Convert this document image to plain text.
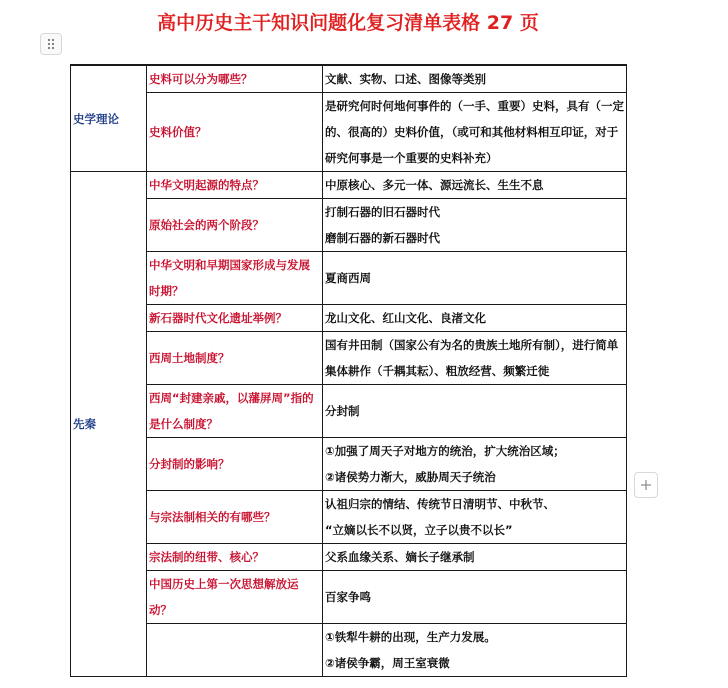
高中历史主干知识问题化复习清单表格 27 页
史学理论	史料可以分为哪些？	文献、实物、口述、图像等类别

	史料价值？	是研究何时何地何事件的（一手、重要）史料，具有（一定的、很高的）史料价值，（或可和其他材料相互印证，对于研究何事是一个重要的史料补充）

先秦	中华文明起源的特点？	中原核心、多元一体、源远流长、生生不息

	原始社会的两个阶段？	打制石器的旧石器时代
磨制石器的新石器时代

	中华文明和早期国家形成与发展时期？	夏商西周

	新石器时代文化遗址举例？	龙山文化、红山文化、良渚文化

	西周土地制度？	国有井田制（国家公有为名的贵族土地所有制），进行简单集体耕作（千耦其耘）、粗放经营、频繁迁徙

	西周“封建亲戚，以藩屏周”指的是什么制度？	分封制

	分封制的影响？	①加强了周天子对地方的统治，扩大统治区域；
②诸侯势力渐大，威胁周天子统治

	与宗法制相关的有哪些？	认祖归宗的情结、传统节日清明节、中秋节、
“立嫡以长不以贤，立子以贵不以长”

	宗法制的纽带、核心？	父系血缘关系、嫡长子继承制

	中国历史上第一次思想解放运动？	百家争鸣

		①铁犁牛耕的出现，生产力发展。
②诸侯争霸，周王室衰微
